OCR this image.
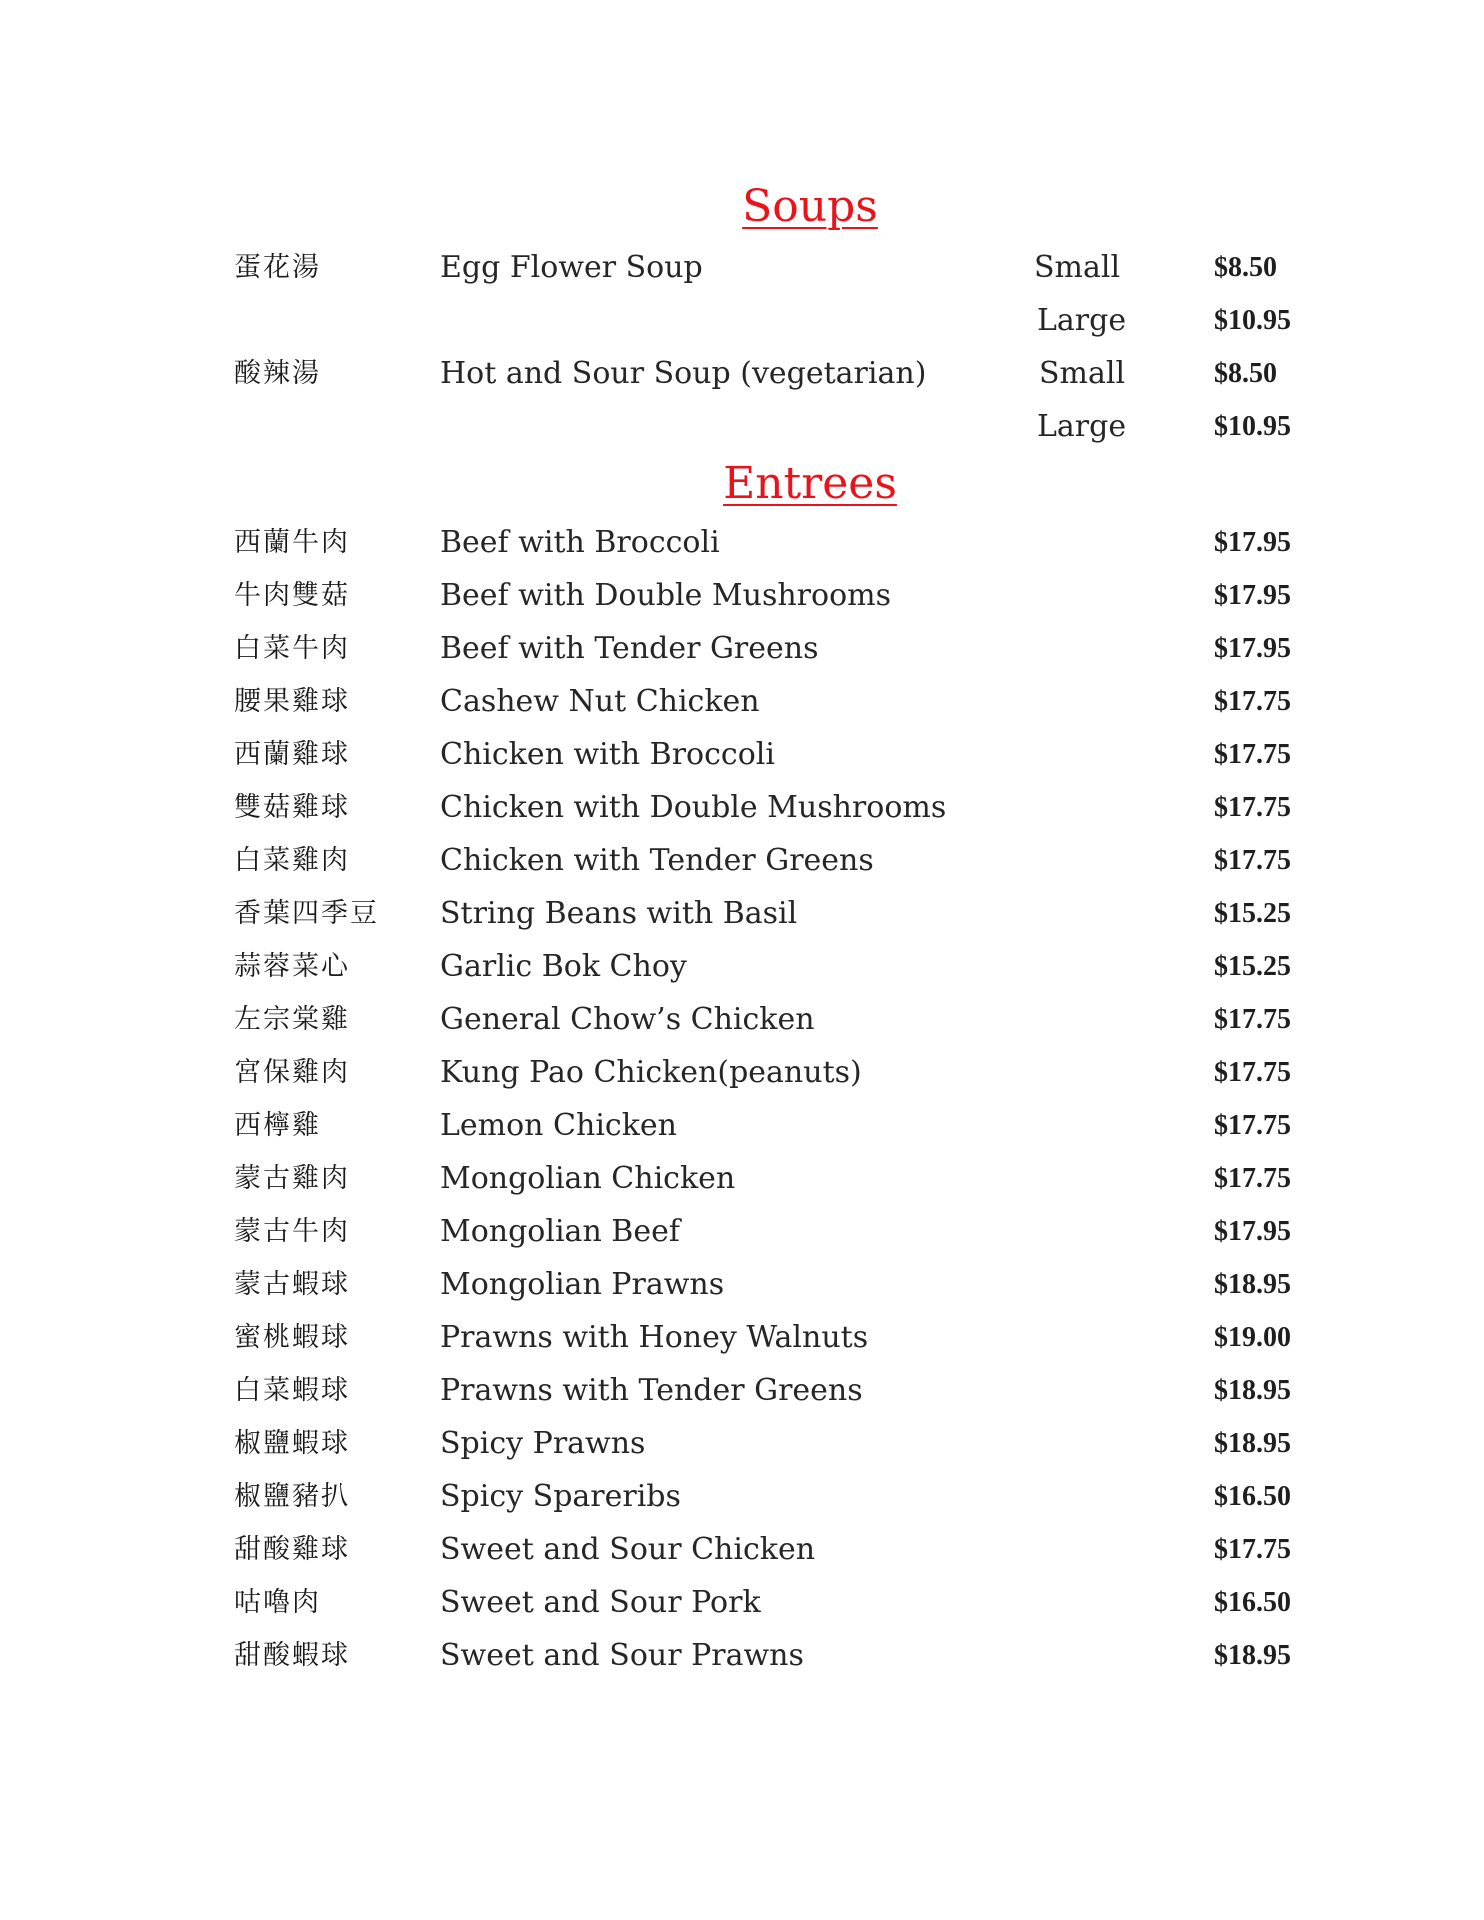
Soups
蛋花湯	Egg Flower Soup	Small	$8.50
Large	$10.95
酸辣湯	Hot and Sour Soup (vegetarian)	Small	$8.50
Large	$10.95
Entrees
西蘭牛肉	Beef with Broccoli	$17.95
牛肉雙菇	Beef with Double Mushrooms	$17.95
白菜牛肉	Beef with Tender Greens	$17.95
腰果雞球	Cashew Nut Chicken	$17.75
西蘭雞球	Chicken with Broccoli	$17.75
雙菇雞球	Chicken with Double Mushrooms	$17.75
白菜雞肉	Chicken with Tender Greens	$17.75
香葉四季豆 String Beans with Basil	$15.25
蒜蓉菜心	Garlic Bok Choy	$15.25
左宗棠雞	General Chow’s Chicken	$17.75
宮保雞肉	Kung Pao Chicken(peanuts)	$17.75
西檸雞	Lemon Chicken	$17.75
蒙古雞肉	Mongolian Chicken	$17.75
蒙古牛肉	Mongolian Beef	$17.95
蒙古蝦球	Mongolian Prawns	$18.95
蜜桃蝦球	Prawns with Honey Walnuts	$19.00
白菜蝦球	Prawns with Tender Greens	$18.95
椒鹽蝦球	Spicy Prawns	$18.95
椒鹽豬扒	Spicy Spareribs	$16.50
甜酸雞球	Sweet and Sour Chicken	$17.75
咕嚕肉	Sweet and Sour Pork	$16.50
甜酸蝦球	Sweet and Sour Prawns	$18.95
